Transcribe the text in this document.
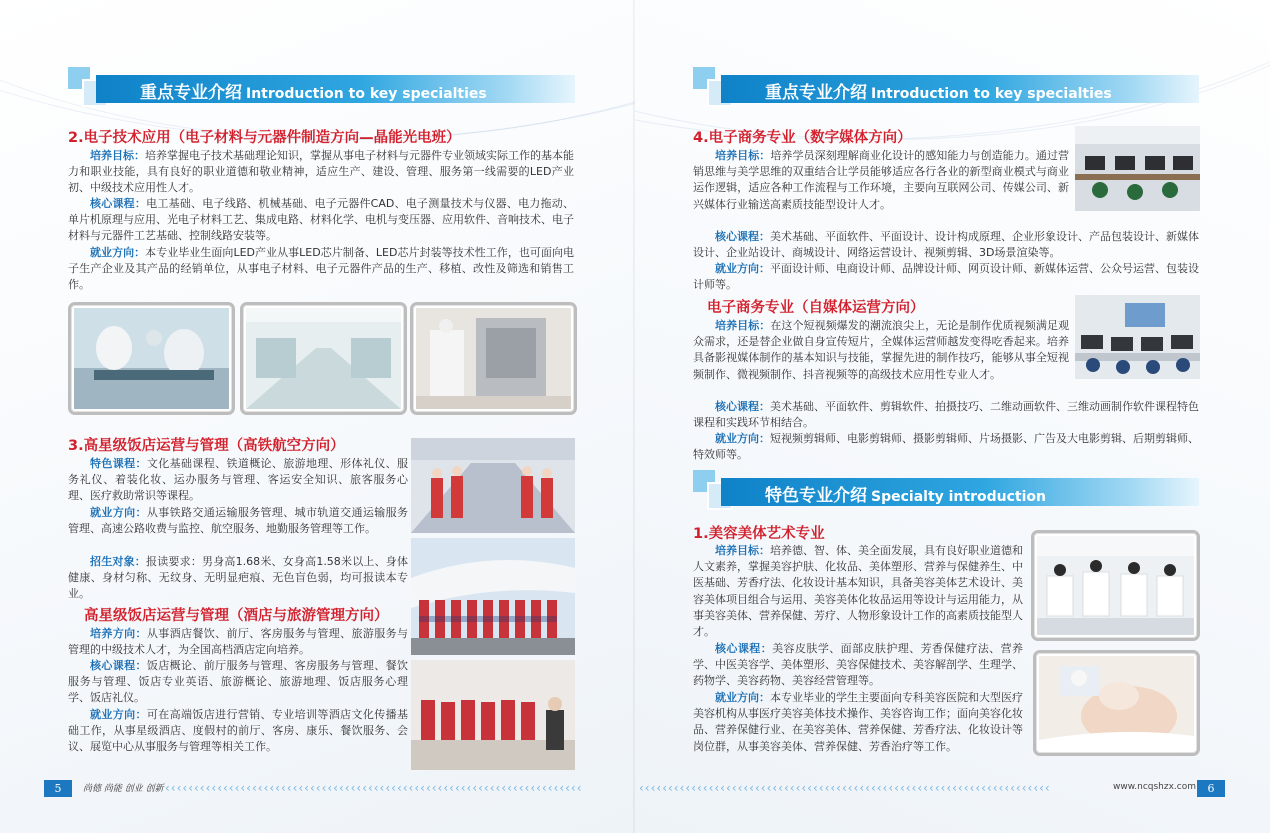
重点专业介绍 Introduction to key specialties
2.电子技术应用（电子材料与元器件制造方向—晶能光电班）
培养目标：培养掌握电子技术基础理论知识，掌握从事电子材料与元器件专业领域实际工作的基本能力和职业技能，具有良好的职业道德和敬业精神，适应生产、建设、管理、服务第一线需要的LED产业初、中级技术应用性人才。
核心课程：电工基础、电子线路、机械基础、电子元器件CAD、电子测量技术与仪器、电力拖动、单片机原理与应用、光电子材料工艺、集成电路、材料化学、电机与变压器、应用软件、音响技术、电子材料与元器件工艺基础、控制线路安装等。
就业方向：本专业毕业生面向LED产业从事LED芯片制备、LED芯片封装等技术性工作，也可面向电子生产企业及其产品的经销单位，从事电子材料、电子元器件产品的生产、移植、改性及筛选和销售工作。
3.高星级饭店运营与管理（高铁航空方向）
特色课程：文化基础课程、铁道概论、旅游地理、形体礼仪、服务礼仪、着装化妆、运办服务与管理、客运安全知识、旅客服务心理、医疗救助常识等课程。
就业方向：从事铁路交通运输服务管理、城市轨道交通运输服务管理、高速公路收费与监控、航空服务、地勤服务管理等工作。
招生对象：报读要求：男身高1.68米、女身高1.58米以上、身体健康、身材匀称、无纹身、无明显疤痕、无色盲色弱，均可报读本专业。
高星级饭店运营与管理（酒店与旅游管理方向）
培养方向：从事酒店餐饮、前厅、客房服务与管理、旅游服务与管理的中级技术人才，为全国高档酒店定向培养。
核心课程：饭店概论、前厅服务与管理、客房服务与管理、餐饮服务与管理、饭店专业英语、旅游概论、旅游地理、饭店服务心理学、饭店礼仪。
就业方向：可在高端饭店进行营销、专业培训等酒店文化传播基础工作，从事星级酒店、度假村的前厅、客房、康乐、餐饮服务、会议、展览中心从事服务与管理等相关工作。
5	尚德 尚能 创业 创新 ‹‹‹‹‹‹‹‹‹‹‹‹‹‹‹‹‹‹‹‹‹‹‹‹‹‹‹‹‹‹‹‹‹‹‹‹‹‹‹‹‹‹‹‹‹‹‹‹‹‹‹‹‹‹‹‹‹‹‹‹‹‹‹‹‹‹‹‹‹‹‹‹
重点专业介绍 Introduction to key specialties
4.电子商务专业（数字媒体方向）
培养目标：培养学员深刻理解商业化设计的感知能力与创造能力。通过营销思维与美学思维的双重结合让学员能够适应各行各业的新型商业模式与商业运作逻辑，适应各种工作流程与工作环境，主要向互联网公司、传媒公司、新兴媒体行业输送高素质技能型设计人才。
核心课程：美术基础、平面软件、平面设计、设计构成原理、企业形象设计、产品包装设计、新媒体设计、企业站设计、商城设计、网络运营设计、视频剪辑、3D场景渲染等。
就业方向：平面设计师、电商设计师、品牌设计师、网页设计师、新媒体运营、公众号运营、包装设计师等。
电子商务专业（自媒体运营方向）
培养目标：在这个短视频爆发的潮流浪尖上，无论是制作优质视频满足观众需求，还是替企业做自身宣传短片，全媒体运营师越发变得吃香起来。培养具备影视媒体制作的基本知识与技能，掌握先进的制作技巧，能够从事全短视频制作、微视频制作、抖音视频等的高级技术应用性专业人才。
核心课程：美术基础、平面软件、剪辑软件、拍摄技巧、二维动画软件、三维动画制作软件课程特色课程和实践环节相结合。
就业方向：短视频剪辑师、电影剪辑师、摄影剪辑师、片场摄影、广告及大电影剪辑、后期剪辑师、特效师等。
特色专业介绍 Specialty introduction
1.美容美体艺术专业
培养目标：培养德、智、体、美全面发展，具有良好职业道德和人文素养，掌握美容护肤、化妆品、美体塑形、营养与保健养生、中医基础、芳香疗法、化妆设计基本知识，具备美容美体艺术设计、美容美体项目组合与运用、美容美体化妆品运用等设计与运用能力，从事美容美体、营养保健、芳疗、人物形象设计工作的高素质技能型人才。
核心课程：美容皮肤学、面部皮肤护理、芳香保健疗法、营养学、中医美容学、美体塑形、美容保健技术、美容解剖学、生理学、药物学、美容药物、美容经营管理等。
就业方向：本专业毕业的学生主要面向专科美容医院和大型医疗美容机构从事医疗美容美体技术操作、美容咨询工作；面向美容化妆品、营养保健行业、在美容美体、营养保健、芳香疗法、化妆设计等岗位群，从事美容美体、营养保健、芳香治疗等工作。
‹‹‹‹‹‹‹‹‹‹‹‹‹‹‹‹‹‹‹‹‹‹‹‹‹‹‹‹‹‹‹‹‹‹‹‹‹‹‹‹‹‹‹‹‹‹‹‹‹‹‹‹‹‹‹‹‹‹‹‹‹‹‹‹‹‹‹‹‹‹‹	www.ncqshzx.com	6
